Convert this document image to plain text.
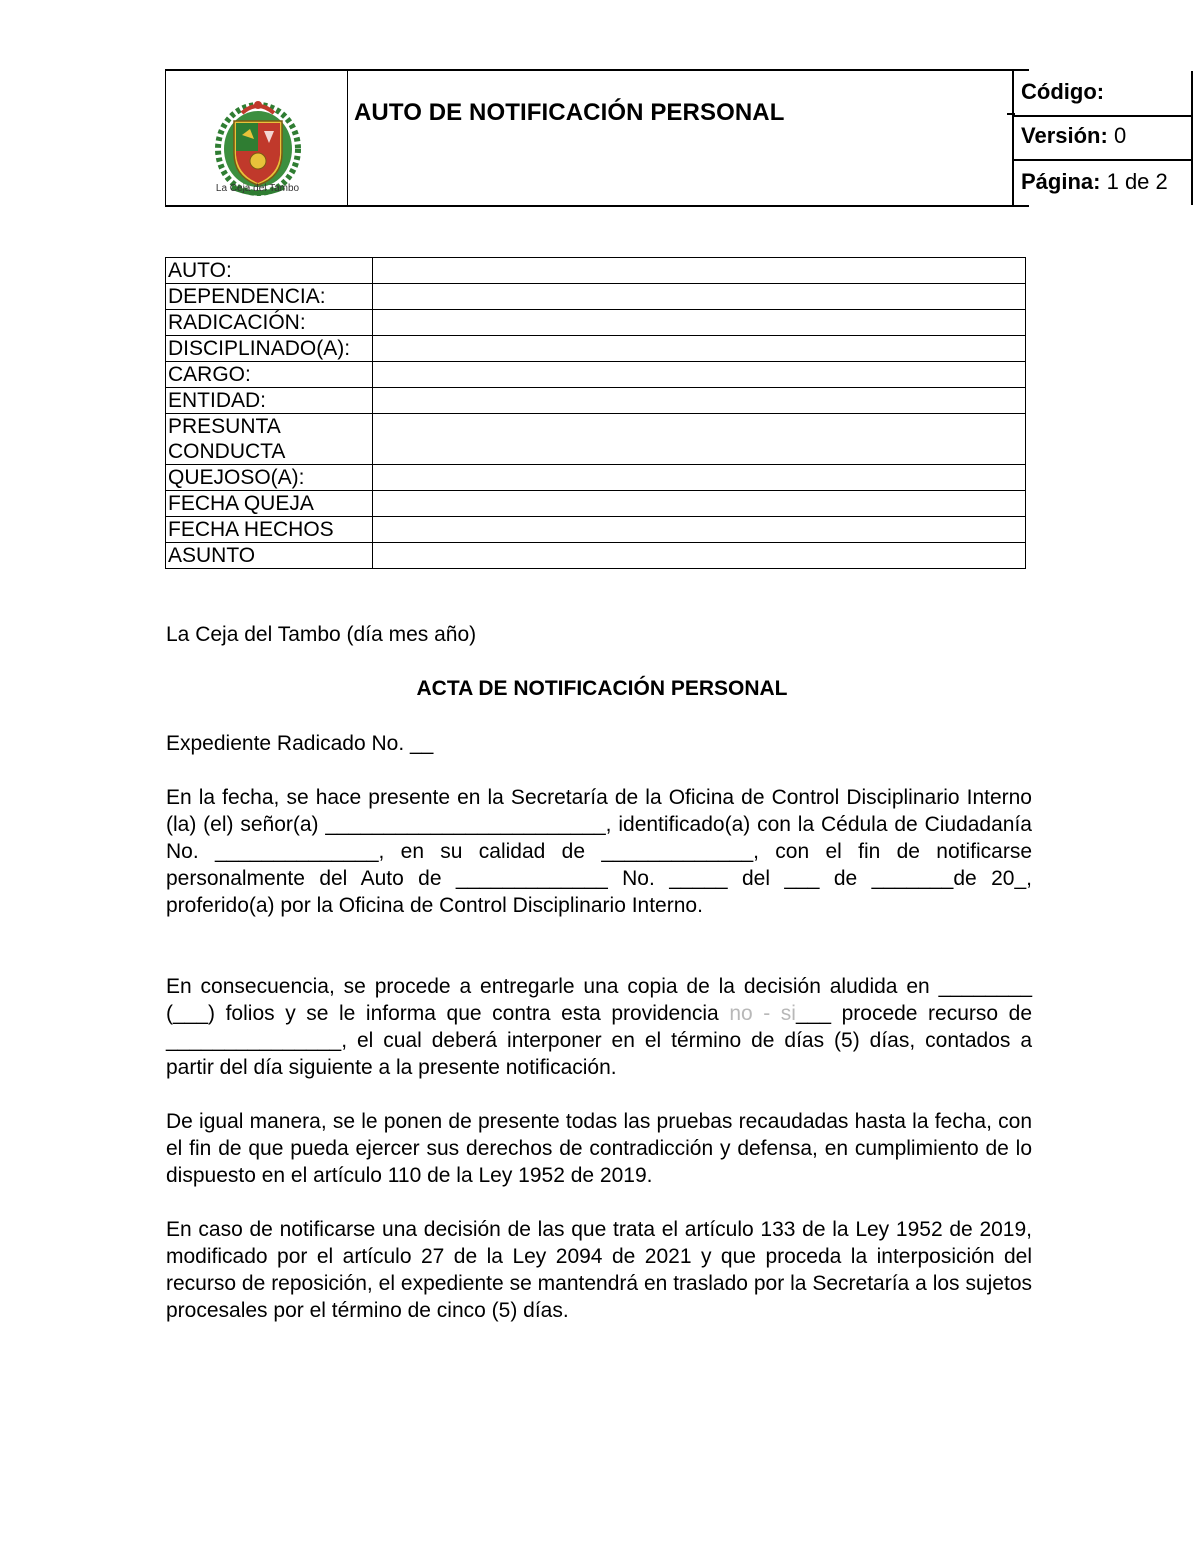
La Ceja del Tambo
AUTO DE NOTIFICACIÓN PERSONAL
Código:
Versión: 0
Página: 1 de 2
AUTO:	
DEPENDENCIA:	
RADICACIÓN:	
DISCIPLINADO(A):	
CARGO:	
ENTIDAD:	

PRESUNTA
CONDUCTA	

QUEJOSO(A):	
FECHA QUEJA	
FECHA HECHOS	
ASUNTO	
La Ceja del Tambo (día mes año)
ACTA DE NOTIFICACIÓN PERSONAL
Expediente Radicado No. __
En la fecha, se hace presente en la Secretaría de la Oficina de Control Disciplinario Interno (la) (el) señor(a) ________________________, identificado(a) con la Cédula de Ciudadanía No. ______________, en su calidad de _____________, con el fin de notificarse personalmente del Auto de _____________ No. _____ del ___ de _______de 20_, proferido(a) por la Oficina de Control Disciplinario Interno.
En consecuencia, se procede a entregarle una copia de la decisión aludida en ________ (___) folios y se le informa que contra esta providencia no - si___ procede recurso de _______________, el cual deberá interponer en el término de días (5) días, contados a partir del día siguiente a la presente notificación.
De igual manera, se le ponen de presente todas las pruebas recaudadas hasta la fecha, con el fin de que pueda ejercer sus derechos de contradicción y defensa, en cumplimiento de lo dispuesto en el artículo 110 de la Ley 1952 de 2019.
En caso de notificarse una decisión de las que trata el artículo 133 de la Ley 1952 de 2019, modificado por el artículo 27 de la Ley 2094 de 2021 y que proceda la interposición del recurso de reposición, el expediente se mantendrá en traslado por la Secretaría a los sujetos procesales por el término de cinco (5) días.
